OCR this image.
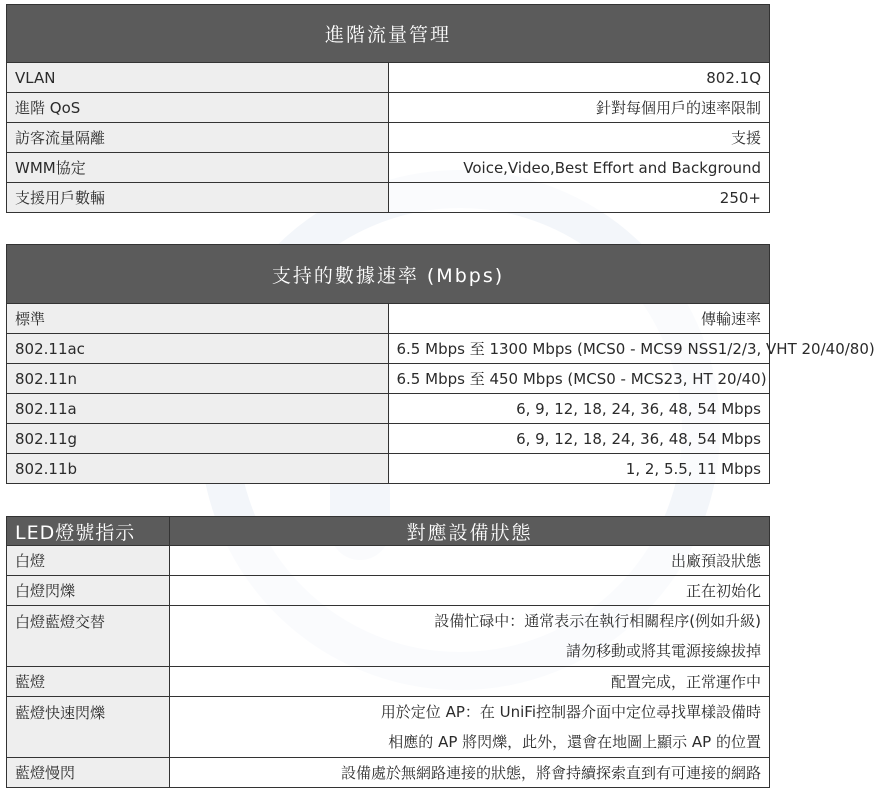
進階流量管理	
VLAN	802.1Q
進階 QoS	針對每個用戶的速率限制
訪客流量隔離	支援
WMM協定	Voice,Video,Best Effort and Background
支援用戶數輛	250+
支持的數據速率 (Mbps)	
標準	傳輸速率
802.11ac	6.5 Mbps 至 1300 Mbps (MCS0 - MCS9 NSS1/2/3, VHT 20/40/80)
802.11n	6.5 Mbps 至 450 Mbps (MCS0 - MCS23, HT 20/40)
802.11a	6, 9, 12, 18, 24, 36, 48, 54 Mbps
802.11g	6, 9, 12, 18, 24, 36, 48, 54 Mbps
802.11b	1, 2, 5.5, 11 Mbps
LED燈號指示	對應設備狀態
白燈	出廠預設狀態
白燈閃爍	正在初始化
白燈藍燈交替	設備忙碌中：通常表示在執行相關程序(例如升級)
請勿移動或將其電源接線拔掉

藍燈	配置完成，正常運作中
藍燈快速閃爍	用於定位 AP：在 UniFi控制器介面中定位尋找單樣設備時
相應的 AP 將閃爍，此外，還會在地圖上顯示 AP 的位置

藍燈慢閃	設備處於無網路連接的狀態，將會持續探索直到有可連接的網路
